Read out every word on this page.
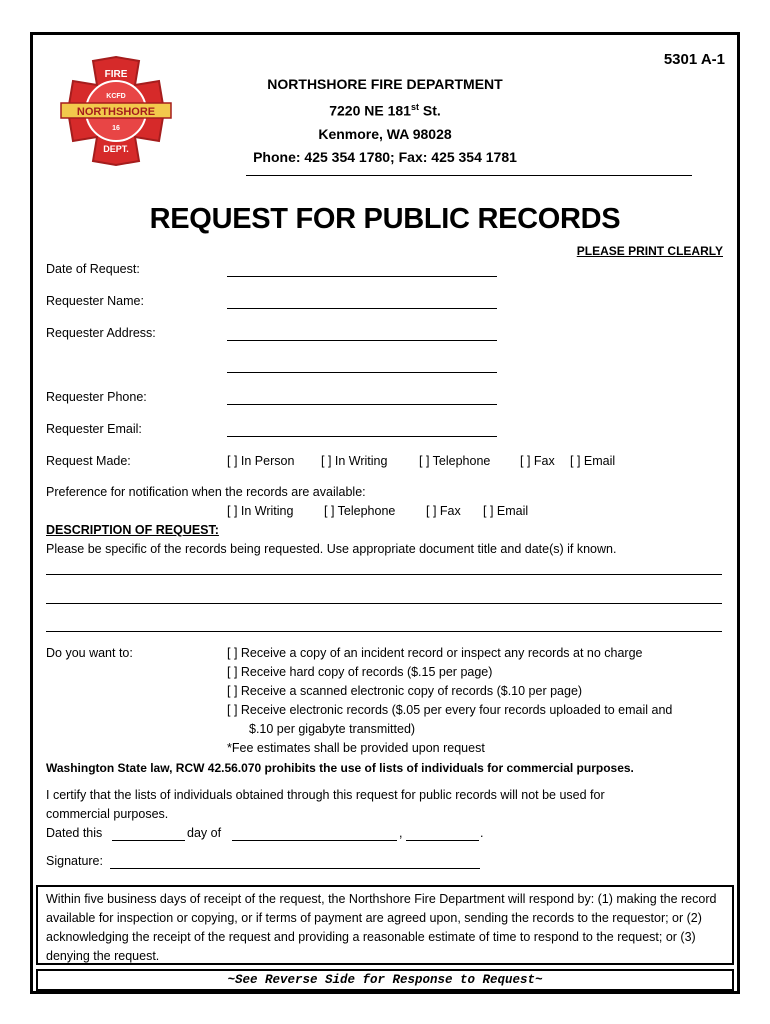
5301 A-1
FIRE
KCFD
NORTHSHORE
16
DEPT.
NORTHSHORE FIRE DEPARTMENT
7220 NE 181st St.
Kenmore, WA 98028
Phone: 425 354 1780; Fax: 425 354 1781
REQUEST FOR PUBLIC RECORDS
PLEASE PRINT CLEARLY
Date of Request:
Requester Name:
Requester Address:
Requester Phone:
Requester Email:
Request Made:	[ ] In Person [ ] In Writing	[ ] Telephone [ ] Fax [ ] Email
Preference for notification when the records are available:
[ ] In Writing [ ] Telephone [ ] Fax [ ] Email
DESCRIPTION OF REQUEST:
Please be specific of the records being requested. Use appropriate document title and date(s) if known.
Do you want to:	[ ] Receive a copy of an incident record or inspect any records at no charge
[ ] Receive hard copy of records ($.15 per page)
[ ] Receive a scanned electronic copy of records ($.10 per page)
[ ] Receive electronic records ($.05 per every four records uploaded to email and
$.10 per gigabyte transmitted)
*Fee estimates shall be provided upon request
Washington State law, RCW 42.56.070 prohibits the use of lists of individuals for commercial purposes.
I certify that the lists of individuals obtained through this request for public records will not be used for
commercial purposes.
Dated this	day of	,	.
Signature:
Within five business days of receipt of the request, the Northshore Fire Department will respond by: (1) making the record available for inspection or copying, or if terms of payment are agreed upon, sending the records to the requestor; or (2) acknowledging the receipt of the request and providing a reasonable estimate of time to respond to the request; or (3) denying the request.
~See Reverse Side for Response to Request~
